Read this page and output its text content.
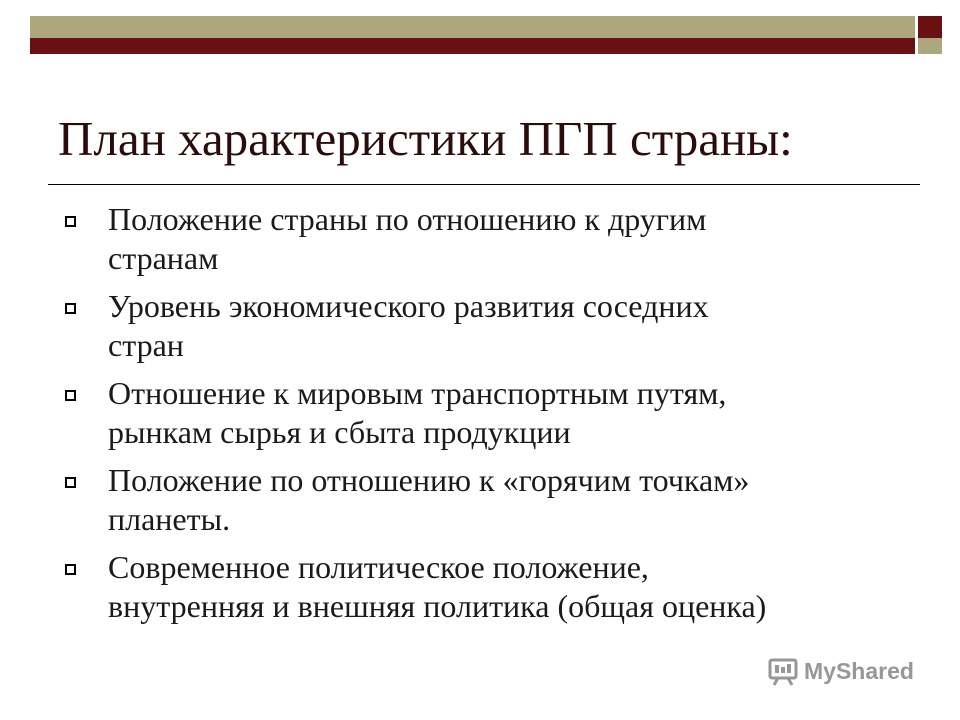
План характеристики ПГП страны:
Положение страны по отношению к другим
странам
Уровень экономического развития соседних
стран
Отношение к мировым транспортным путям,
рынкам сырья и сбыта продукции
Положение по отношению к «горячим точкам»
планеты.
Современное политическое положение,
внутренняя и внешняя политика (общая оценка)
MyShared
